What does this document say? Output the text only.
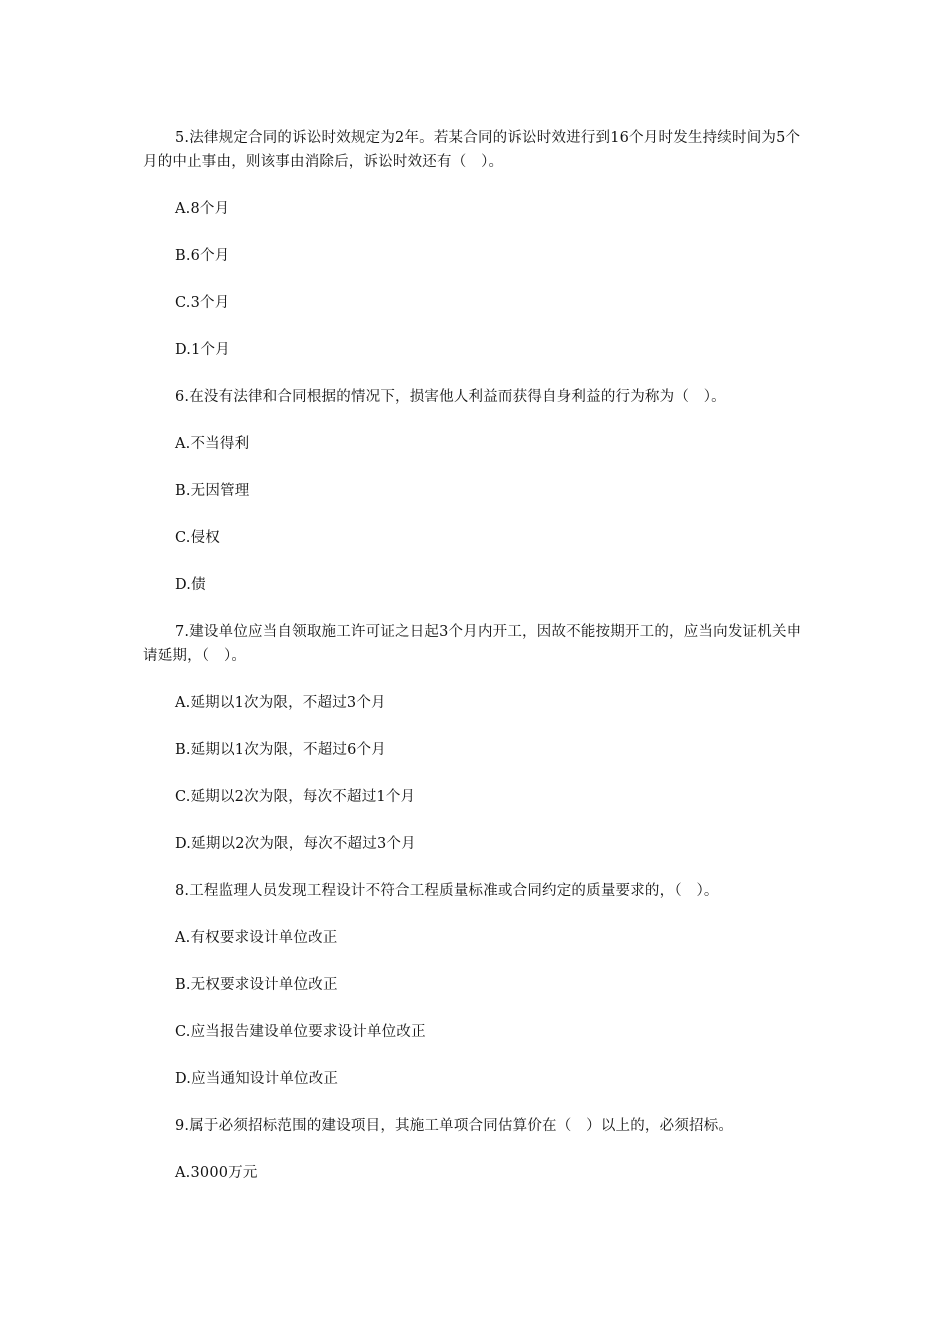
5.法律规定合同的诉讼时效规定为2年。若某合同的诉讼时效进行到16个月时发生持续时间为5个月的中止事由，则该事由消除后，诉讼时效还有（　）。

A.8个月

B.6个月

C.3个月

D.1个月

6.在没有法律和合同根据的情况下，损害他人利益而获得自身利益的行为称为（　）。

A.不当得利

B.无因管理

C.侵权

D.债

7.建设单位应当自领取施工许可证之日起3个月内开工，因故不能按期开工的，应当向发证机关申请延期，（　）。

A.延期以1次为限，不超过3个月

B.延期以1次为限，不超过6个月

C.延期以2次为限，每次不超过1个月

D.延期以2次为限，每次不超过3个月

8.工程监理人员发现工程设计不符合工程质量标准或合同约定的质量要求的，（　）。

A.有权要求设计单位改正

B.无权要求设计单位改正

C.应当报告建设单位要求设计单位改正

D.应当通知设计单位改正

9.属于必须招标范围的建设项目，其施工单项合同估算价在（　）以上的，必须招标。

A.3000万元
